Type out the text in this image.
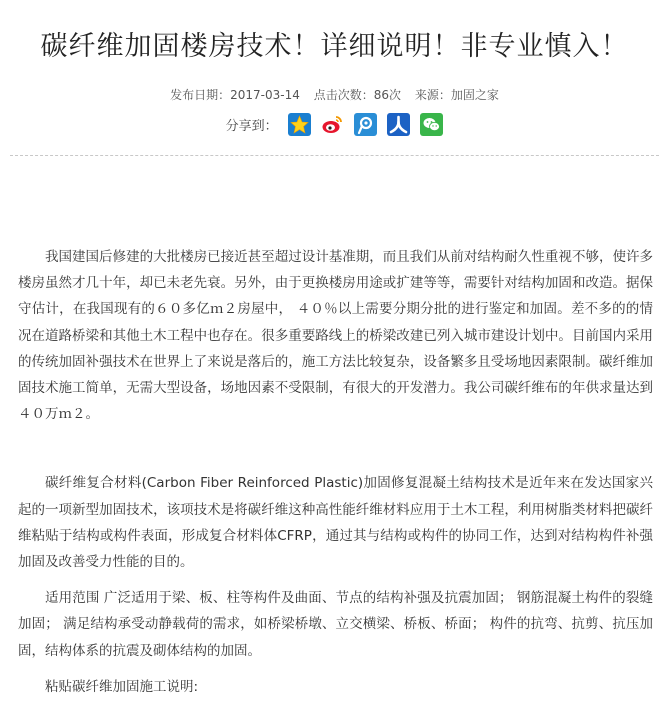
碳纤维加固楼房技术！详细说明！非专业慎入！
发布日期：2017-03-14 点击次数：86次 来源：加固之家
分享到：

我国建国后修建的大批楼房已接近甚至超过设计基准期，而且我们从前对结构耐久性重视不够，使许多楼房虽然才几十年，却已未老先衰。另外，由于更换楼房用途或扩建等等，需要针对结构加固和改造。据保守估计，在我国现有的６０多亿ｍ２房屋中， ４０％以上需要分期分批的进行鉴定和加固。差不多的的情况在道路桥梁和其他土木工程中也存在。很多重要路线上的桥梁改建已列入城市建设计划中。目前国内采用的传统加固补强技术在世界上了来说是落后的，施工方法比较复杂，设备繁多且受场地因素限制。碳纤维加固技术施工简单，无需大型设备，场地因素不受限制，有很大的开发潜力。我公司碳纤维布的年供求量达到４０万ｍ２。

碳纤维复合材料(Carbon Fiber Reinforced Plastic)加固修复混凝土结构技术是近年来在发达国家兴起的一项新型加固技术，该项技术是将碳纤维这种高性能纤维材料应用于土木工程，利用树脂类材料把碳纤维粘贴于结构或构件表面，形成复合材料体CFRP，通过其与结构或构件的协同工作，达到对结构构件补强加固及改善受力性能的目的。

适用范围 广泛适用于梁、板、柱等构件及曲面、节点的结构补强及抗震加固； 钢筋混凝土构件的裂缝加固； 满足结构承受动静载荷的需求，如桥梁桥墩、立交横梁、桥板、桥面； 构件的抗弯、抗剪、抗压加固，结构体系的抗震及砌体结构的加固。

粘贴碳纤维加固施工说明:
